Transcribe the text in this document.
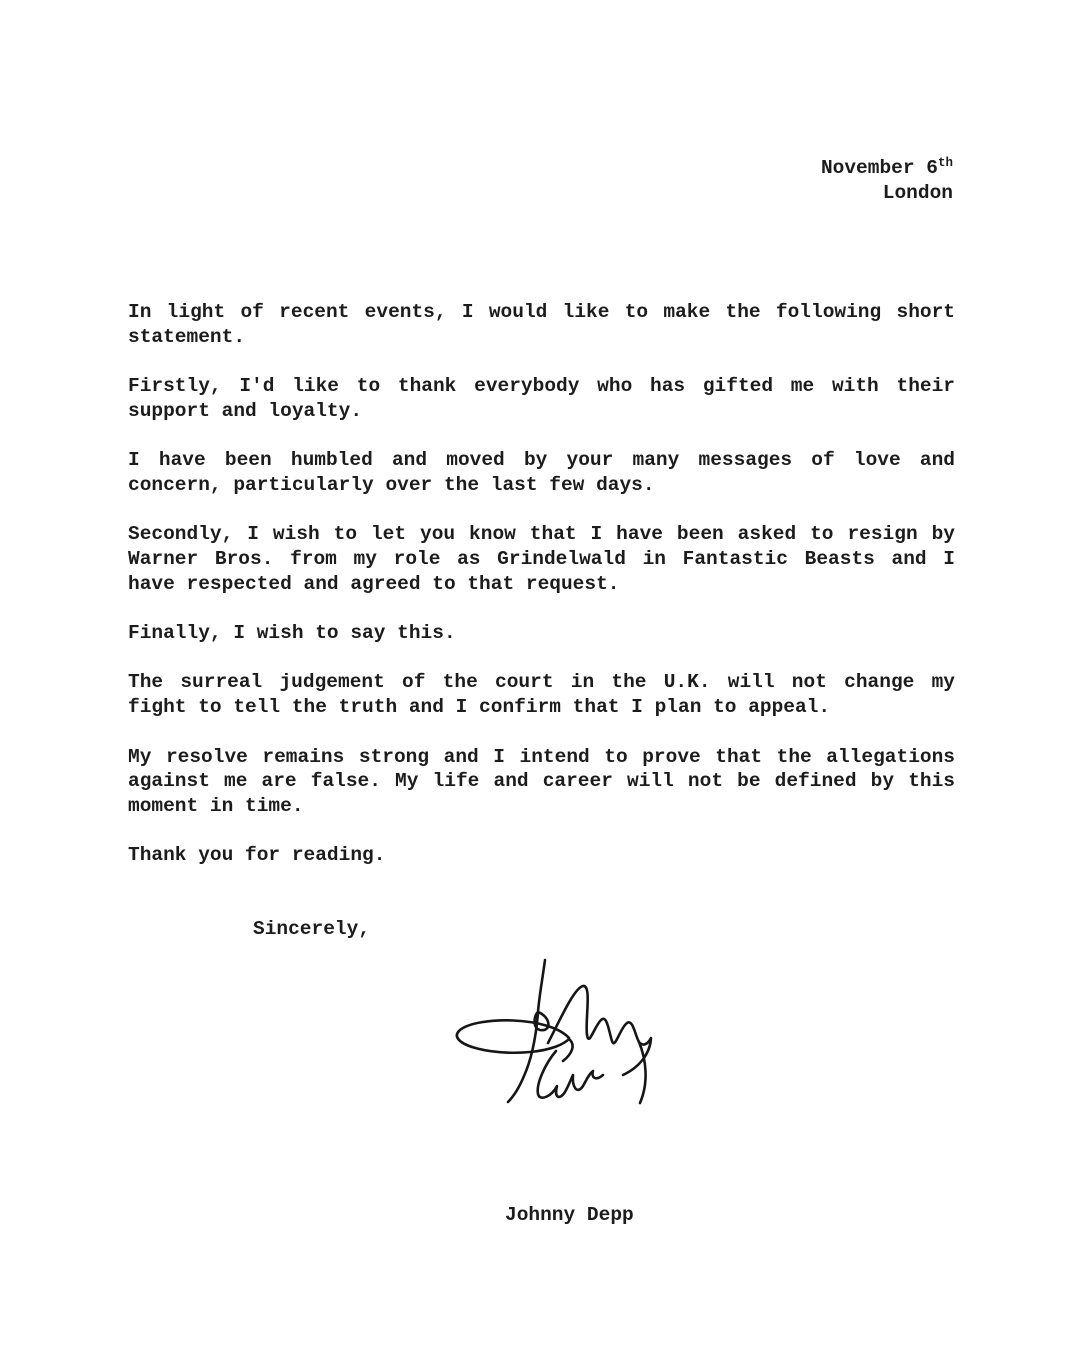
November 6th
London
In light of recent events, I would like to make the following short
statement.
Firstly, I'd like to thank everybody who has gifted me with their
support and loyalty.
I have been humbled and moved by your many messages of love and
concern, particularly over the last few days.
Secondly, I wish to let you know that I have been asked to resign by
Warner Bros. from my role as Grindelwald in Fantastic Beasts and I
have respected and agreed to that request.
Finally, I wish to say this.
The surreal judgement of the court in the U.K. will not change my
fight to tell the truth and I confirm that I plan to appeal.
My resolve remains strong and I intend to prove that the allegations
against me are false. My life and career will not be defined by this
moment in time.
Thank you for reading.
Sincerely,
Johnny Depp
